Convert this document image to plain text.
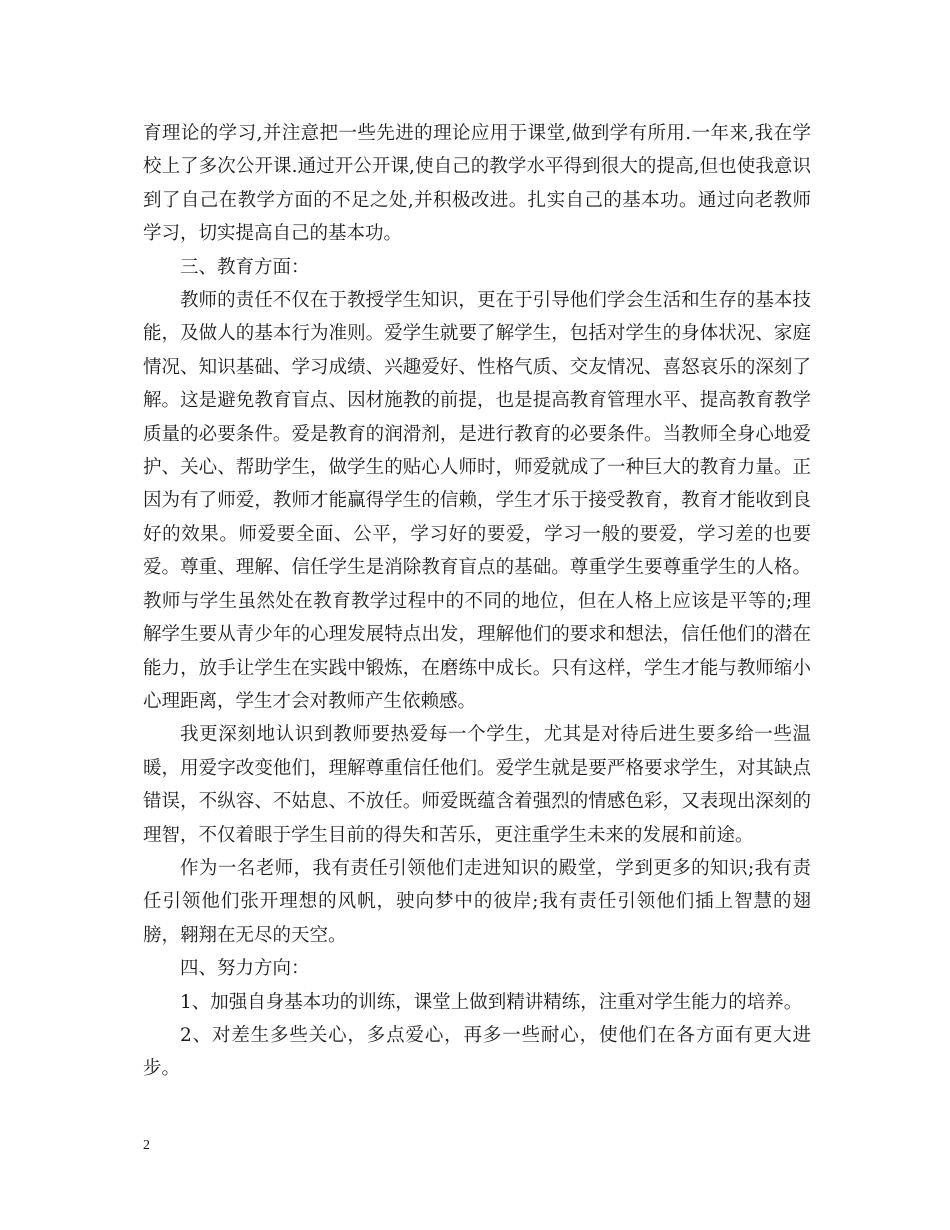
育理论的学习,并注意把一些先进的理论应用于课堂,做到学有所用.一年来,我在学校上了多次公开课.通过开公开课,使自己的教学水平得到很大的提高,但也使我意识到了自己在教学方面的不足之处,并积极改进。扎实自己的基本功。通过向老教师学习，切实提高自己的基本功。

三、教育方面：

教师的责任不仅在于教授学生知识，更在于引导他们学会生活和生存的基本技能，及做人的基本行为准则。爱学生就要了解学生，包括对学生的身体状况、家庭情况、知识基础、学习成绩、兴趣爱好、性格气质、交友情况、喜怒哀乐的深刻了解。这是避免教育盲点、因材施教的前提，也是提高教育管理水平、提高教育教学质量的必要条件。爱是教育的润滑剂，是进行教育的必要条件。当教师全身心地爱护、关心、帮助学生，做学生的贴心人师时，师爱就成了一种巨大的教育力量。正因为有了师爱，教师才能赢得学生的信赖，学生才乐于接受教育，教育才能收到良好的效果。师爱要全面、公平，学习好的要爱，学习一般的要爱，学习差的也要爱。尊重、理解、信任学生是消除教育盲点的基础。尊重学生要尊重学生的人格。教师与学生虽然处在教育教学过程中的不同的地位，但在人格上应该是平等的;理解学生要从青少年的心理发展特点出发，理解他们的要求和想法，信任他们的潜在能力，放手让学生在实践中锻炼，在磨练中成长。只有这样，学生才能与教师缩小心理距离，学生才会对教师产生依赖感。

我更深刻地认识到教师要热爱每一个学生，尤其是对待后进生要多给一些温暖，用爱字改变他们，理解尊重信任他们。爱学生就是要严格要求学生，对其缺点错误，不纵容、不姑息、不放任。师爱既蕴含着强烈的情感色彩，又表现出深刻的理智，不仅着眼于学生目前的得失和苦乐，更注重学生未来的发展和前途。

作为一名老师，我有责任引领他们走进知识的殿堂，学到更多的知识;我有责任引领他们张开理想的风帆，驶向梦中的彼岸;我有责任引领他们插上智慧的翅膀，翱翔在无尽的天空。

四、努力方向：

1、加强自身基本功的训练，课堂上做到精讲精练，注重对学生能力的培养。

2、对差生多些关心，多点爱心，再多一些耐心，使他们在各方面有更大进步。

2
